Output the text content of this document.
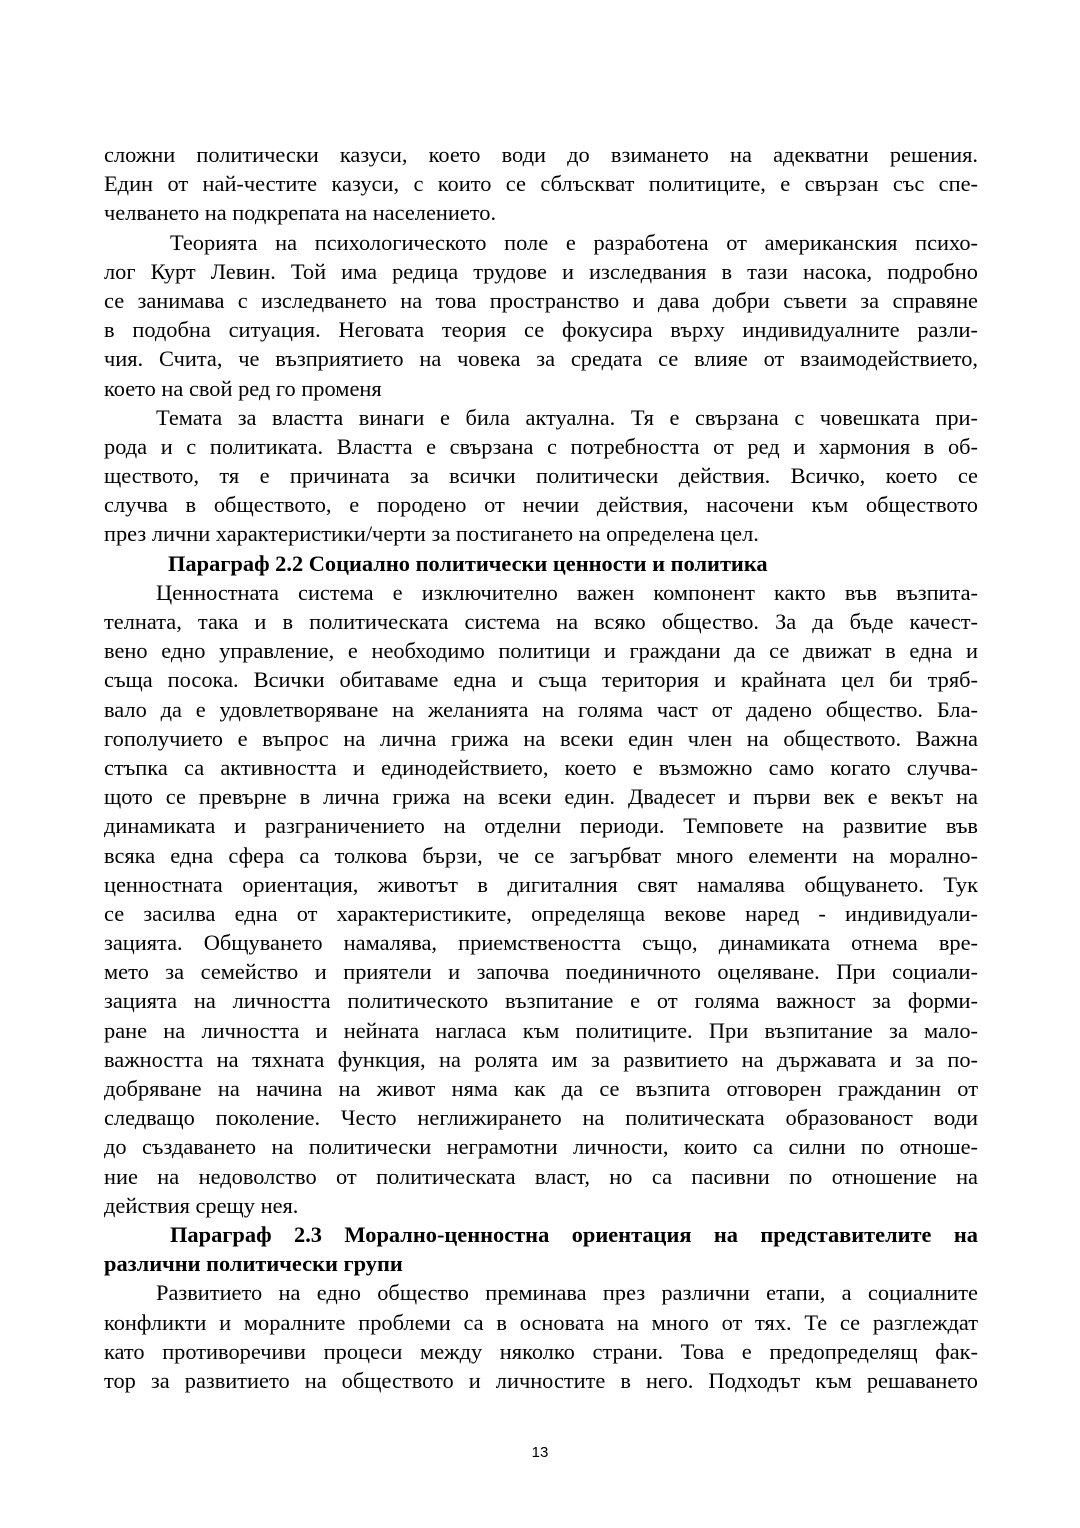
сложни политически казуси, което води до взимането на адекватни решения.
Един от най-честите казуси, с които се сблъскват политиците, е свързан със спе-
челването на подкрепата на населението.
Теорията на психологическото поле е разработена от американския психо-
лог Курт Левин. Той има редица трудове и изследвания в тази насока, подробно
се занимава с изследването на това пространство и дава добри съвети за справяне
в подобна ситуация. Неговата теория се фокусира върху индивидуалните разли-
чия. Счита, че възприятието на човека за средата се влияе от взаимодействието,
което на свой ред го променя
Темата за властта винаги е била актуална. Тя е свързана с човешката при-
рода и с политиката. Властта е свързана с потребността от ред и хармония в об-
ществото, тя е причината за всички политически действия. Всичко, което се
случва в обществото, е породено от нечии действия, насочени към обществото
през лични характеристики/черти за постигането на определена цел.
Параграф 2.2 Социално политически ценности и политика
Ценностната система е изключително важен компонент както във възпита-
телната, така и в политическата система на всяко общество. За да бъде качест-
вено едно управление, е необходимо политици и граждани да се движат в една и
съща посока. Всички обитаваме една и съща територия и крайната цел би тряб-
вало да е удовлетворяване на желанията на голяма част от дадено общество. Бла-
гополучието е въпрос на лична грижа на всеки един член на обществото. Важна
стъпка са активността и единодействието, което е възможно само когато случва-
щото се превърне в лична грижа на всеки един. Двадесет и първи век е векът на
динамиката и разграничението на отделни периоди. Темповете на развитие във
всяка една сфера са толкова бързи, че се загърбват много елементи на морално-
ценностната ориентация, животът в дигиталния свят намалява общуването. Тук
се засилва една от характеристиките, определяща векове наред - индивидуали-
зацията. Общуването намалява, приемствеността също, динамиката отнема вре-
мето за семейство и приятели и започва поединичното оцеляване. При социали-
зацията на личността политическото възпитание е от голяма важност за форми-
ране на личността и нейната нагласа към политиците. При възпитание за мало-
важността на тяхната функция, на ролята им за развитието на държавата и за по-
добряване на начина на живот няма как да се възпита отговорен гражданин от
следващо поколение. Често неглижирането на политическата образованост води
до създаването на политически неграмотни личности, които са силни по отноше-
ние на недоволство от политическата власт, но са пасивни по отношение на
действия срещу нея.
Параграф 2.3 Морално-ценностна ориентация на представителите на
различни политически групи
Развитието на едно общество преминава през различни етапи, а социалните
конфликти и моралните проблеми са в основата на много от тях. Те се разглеждат
като противоречиви процеси между няколко страни. Това е предопределящ фак-
тор за развитието на обществото и личностите в него. Подходът към решаването
13
